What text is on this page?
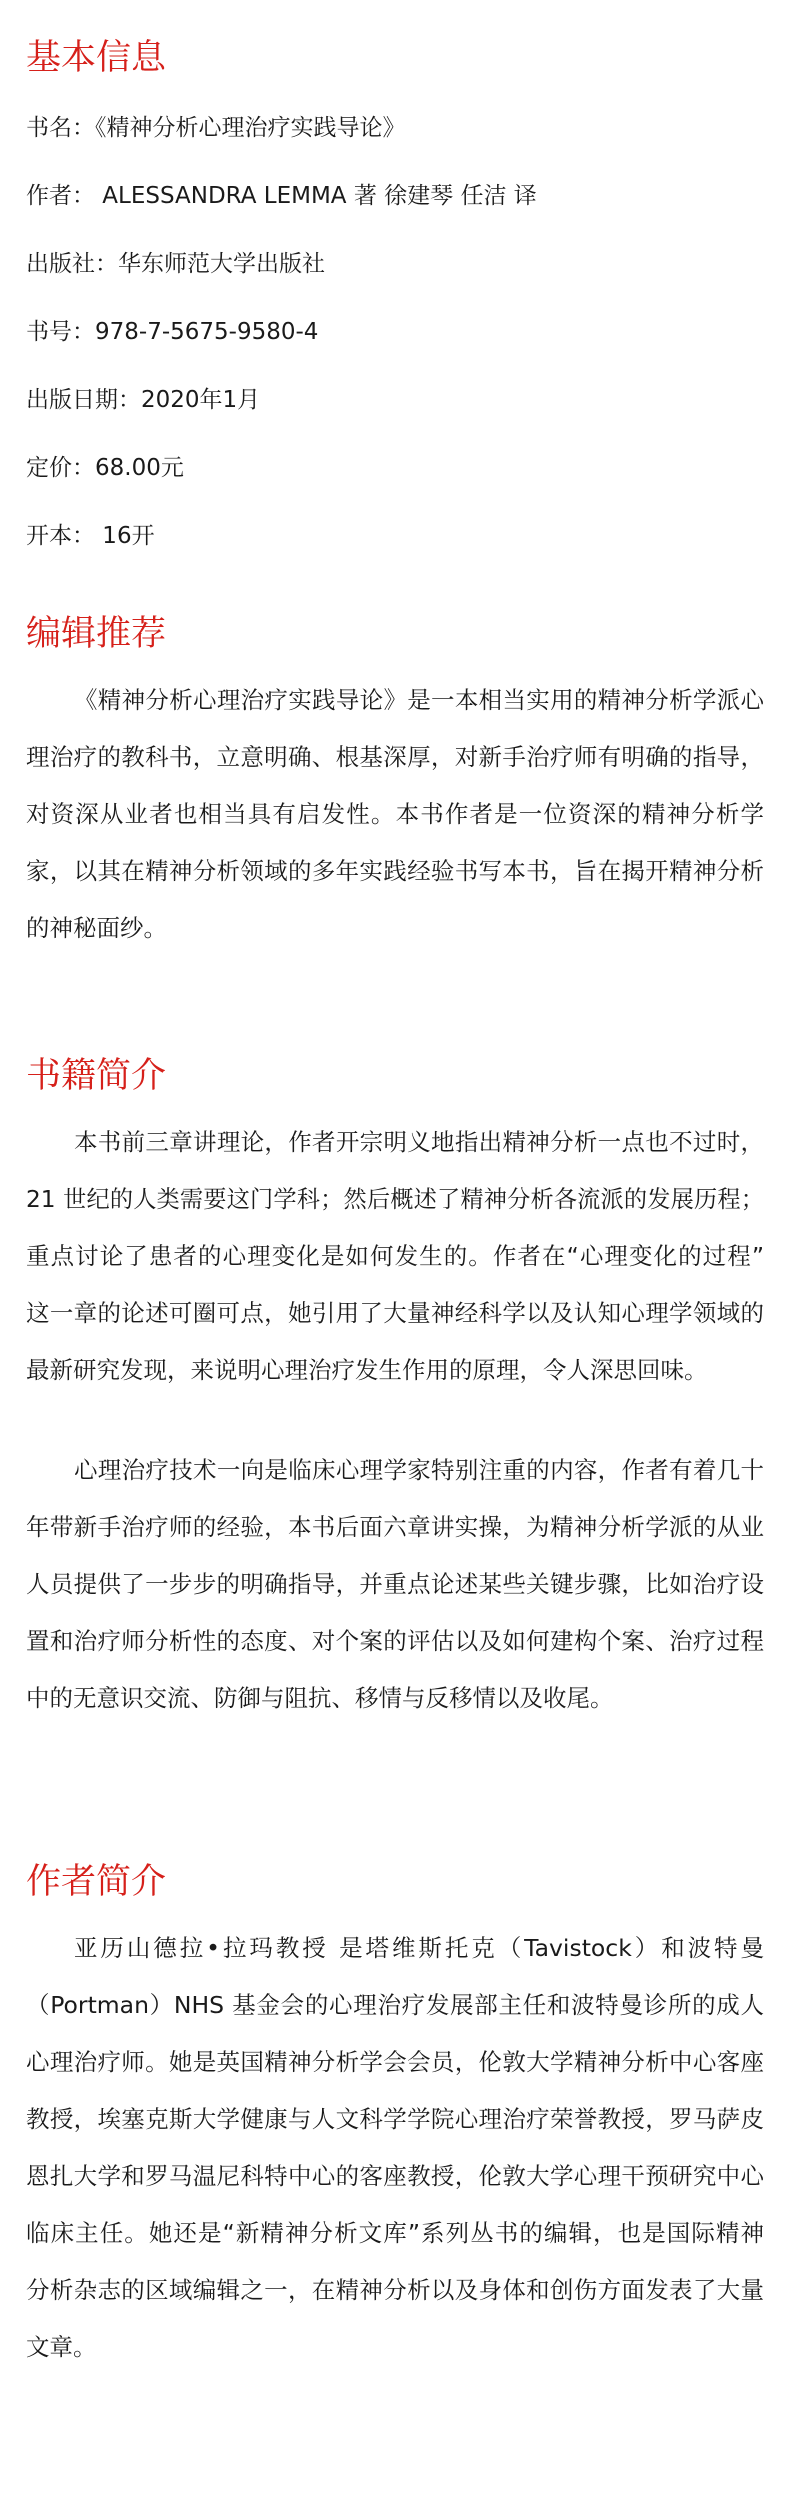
基本信息

书名：《精神分析心理治疗实践导论》

作者： ALESSANDRA LEMMA 著 徐建琴 任洁 译

出版社：华东师范大学出版社

书号：978-7-5675-9580-4

出版日期：2020年1月

定价：68.00元

开本： 16开

编辑推荐
《精神分析心理治疗实践导论》是一本相当实用的精神分析学派心
理治疗的教科书，立意明确、根基深厚，对新手治疗师有明确的指导，
对资深从业者也相当具有启发性。本书作者是一位资深的精神分析学
家，以其在精神分析领域的多年实践经验书写本书，旨在揭开精神分析
的神秘面纱。
书籍简介
本书前三章讲理论，作者开宗明义地指出精神分析一点也不过时，
21 世纪的人类需要这门学科；然后概述了精神分析各流派的发展历程；
重点讨论了患者的心理变化是如何发生的。作者在“心理变化的过程”
这一章的论述可圈可点，她引用了大量神经科学以及认知心理学领域的
最新研究发现，来说明心理治疗发生作用的原理，令人深思回味。
心理治疗技术一向是临床心理学家特别注重的内容，作者有着几十
年带新手治疗师的经验，本书后面六章讲实操，为精神分析学派的从业
人员提供了一步步的明确指导，并重点论述某些关键步骤，比如治疗设
置和治疗师分析性的态度、对个案的评估以及如何建构个案、治疗过程
中的无意识交流、防御与阻抗、移情与反移情以及收尾。
作者简介
亚历山德拉•拉玛教授 是塔维斯托克（Tavistock）和波特曼
（Portman）NHS 基金会的心理治疗发展部主任和波特曼诊所的成人
心理治疗师。她是英国精神分析学会会员，伦敦大学精神分析中心客座
教授，埃塞克斯大学健康与人文科学学院心理治疗荣誉教授，罗马萨皮
恩扎大学和罗马温尼科特中心的客座教授，伦敦大学心理干预研究中心
临床主任。她还是“新精神分析文库”系列丛书的编辑，也是国际精神
分析杂志的区域编辑之一，在精神分析以及身体和创伤方面发表了大量
文章。
